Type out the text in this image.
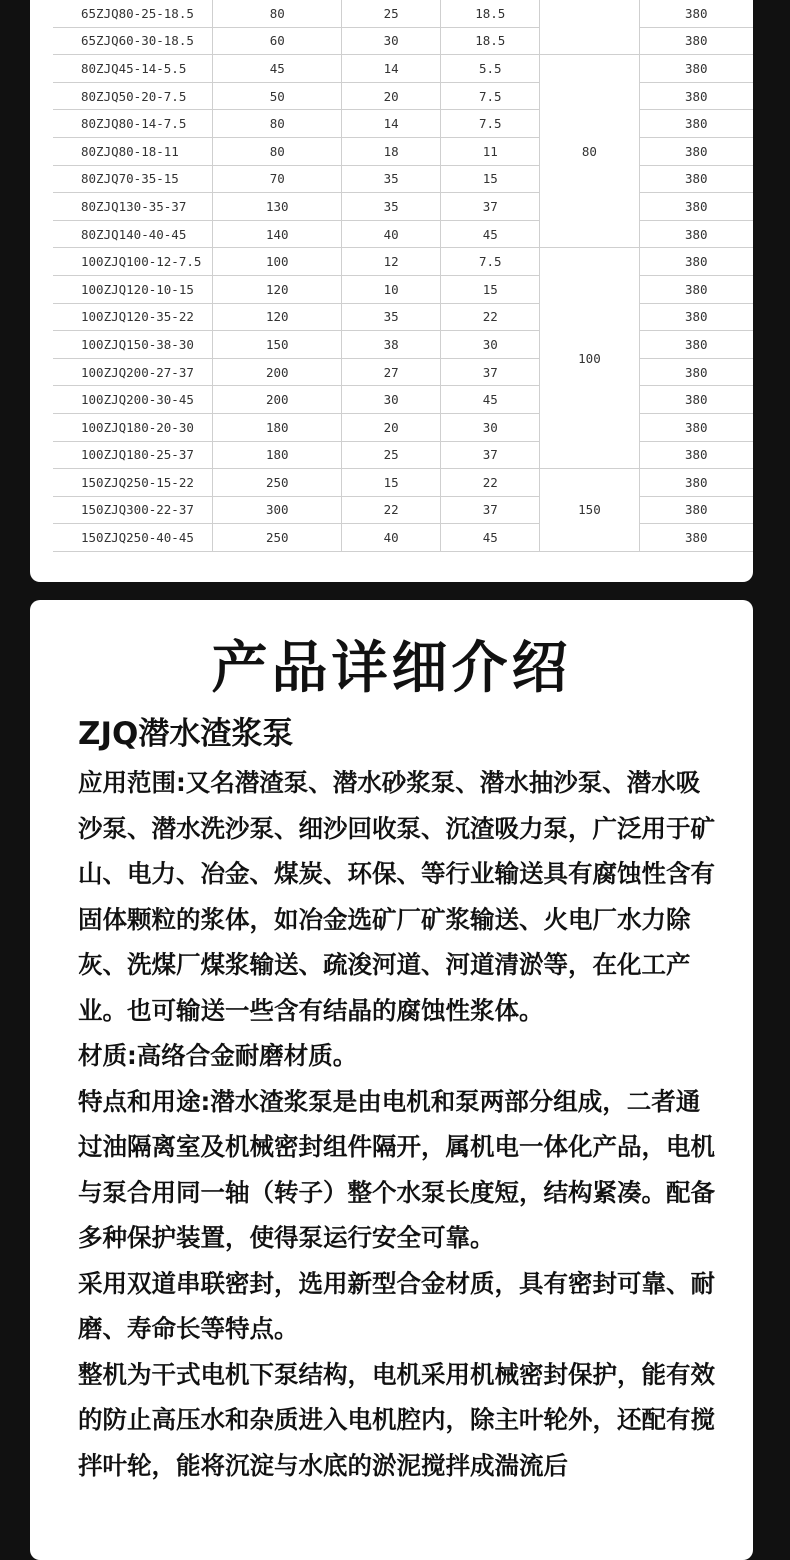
65ZJQ80-25-18.5	80	25	18.5		380
65ZJQ60-30-18.5	60	30	18.5		380
80ZJQ45-14-5.5	45	14	5.5	80	380
80ZJQ50-20-7.5	50	20	7.5		380
80ZJQ80-14-7.5	80	14	7.5		380
80ZJQ80-18-11	80	18	11		380
80ZJQ70-35-15	70	35	15		380
80ZJQ130-35-37	130	35	37		380
80ZJQ140-40-45	140	40	45		380
100ZJQ100-12-7.5	100	12	7.5	100	380
100ZJQ120-10-15	120	10	15		380
100ZJQ120-35-22	120	35	22		380
100ZJQ150-38-30	150	38	30		380
100ZJQ200-27-37	200	27	37		380
100ZJQ200-30-45	200	30	45		380
100ZJQ180-20-30	180	20	30		380
100ZJQ180-25-37	180	25	37		380
150ZJQ250-15-22	250	15	22	150	380
150ZJQ300-22-37	300	22	37		380
150ZJQ250-40-45	250	40	45		380
产品详细介绍
ZJQ潜水渣浆泵

应用范围:又名潜渣泵、潜水砂浆泵、潜水抽沙泵、潜水吸沙泵、潜水洗沙泵、细沙回收泵、沉渣吸力泵，广泛用于矿山、电力、冶金、煤炭、环保、等行业输送具有腐蚀性含有固体颗粒的浆体，如冶金选矿厂矿浆输送、火电厂水力除灰、洗煤厂煤浆输送、疏浚河道、河道清淤等，在化工产业。也可输送一些含有结晶的腐蚀性浆体。

材质:高络合金耐磨材质。

特点和用途:潜水渣浆泵是由电机和泵两部分组成，二者通过油隔离室及机械密封组件隔开，属机电一体化产品，电机与泵合用同一轴（转子）整个水泵长度短，结构紧凑。配备多种保护装置，使得泵运行安全可靠。

采用双道串联密封，选用新型合金材质，具有密封可靠、耐磨、寿命长等特点。

整机为干式电机下泵结构，电机采用机械密封保护，能有效的防止高压水和杂质进入电机腔内，除主叶轮外，还配有搅拌叶轮，能将沉淀与水底的淤泥搅拌成湍流后
